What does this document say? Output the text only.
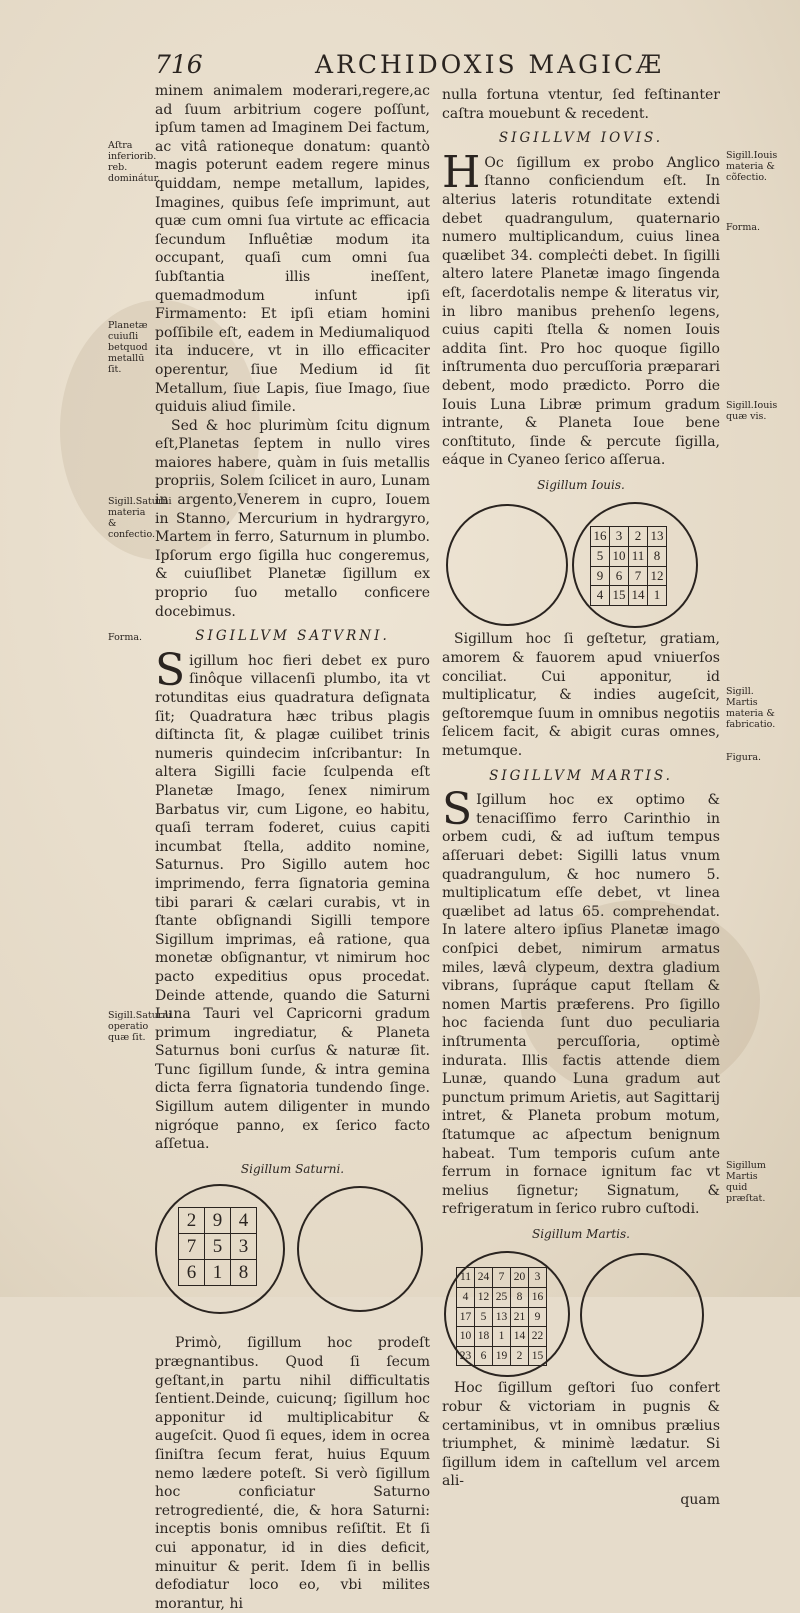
716	ARCHIDOXIS MAGICÆ
Aſtra inferiorib. reb. dominátur.
Planetæ cuiuſli betquod metallū ſit.
Sigill.Saturni materia & confectio.
Forma.
Sigill.Saturni operatio quæ ſit.
Sigill.Iouis materia & cõfectio.
Forma.
Sigill.Iouis quæ vis.
Sigill. Martis materia & fabricatio.
Figura.
Sigillum Martis quid præſtat.

minem animalem moderari,regere,ac ad ſuum arbitrium cogere poſſunt, ipſum tamen ad Imaginem Dei factum, ac vitâ rationeque donatum: quantò magis poterunt eadem regere minus quiddam, nempe metallum, lapides, Imagines, quibus ſeſe imprimunt, aut quæ cum omni ſua virtute ac efficacia ſecundum Influêtiæ modum ita occupant, quaſi cum omni ſua ſubſtantia illis ineſſent, quemadmodum inſunt ipſi Firmamento: Et ipſi etiam homini poſſibile eſt, eadem in Mediumaliquod ita inducere, vt in illo efficaciter operentur, ſiue Medium id ſit Metallum, ſiue Lapis, ſiue Imago, ſiue quiduis aliud ſimile.

Sed & hoc plurimùm ſcitu dignum eſt,Planetas ſeptem in nullo vires maiores habere, quàm in ſuis metallis propriis, Solem ſcilicet in auro, Lunam in argento,Venerem in cupro, Iouem in Stanno, Mercurium in hydrargyro, Martem in ferro, Saturnum in plumbo. Ipſorum ergo ſigilla huc congeremus, & cuiuſlibet Planetæ ſigillum ex proprio ſuo metallo conficere docebimus.

SIGILLVM SATVRNI.

Sigillum hoc fieri debet ex puro ſinôque villacenſi plumbo, ita vt rotunditas eius quadratura deſignata ſit; Quadratura hæc tribus plagis diſtincta ſit, & plagæ cuilibet trinis numeris quindecim inſcribantur: In altera Sigilli facie ſculpenda eſt Planetæ Imago, ſenex nimirum Barbatus vir, cum Ligone, eo habitu, quaſi terram foderet, cuius capiti incumbat ſtella, addito nomine, Saturnus. Pro Sigillo autem hoc imprimendo, ferra ſignatoria gemina tibi parari & cælari curabis, vt in ſtante obſignandi Sigilli tempore Sigillum imprimas, eâ ratione, qua monetæ obſignantur, vt nimirum hoc pacto expeditius opus procedat. Deinde attende, quando die Saturni Luna Tauri vel Capricorni gradum primum ingrediatur, & Planeta Saturnus boni curſus & naturæ ſit. Tunc ſigillum ſunde, & intra gemina dicta ferra ſignatoria tundendo ſinge. Sigillum autem diligenter in mundo nigróque panno, ex ſerico facto aſſetua.

Sigillum Saturni.
2	9	4
7	5	3
6	1	8

Primò, ſigillum hoc prodeſt prægnantibus. Quod ſi ſecum geſtant,in partu nihil difficultatis ſentient.Deinde, cuicunq; ſigillum hoc apponitur id multiplicabitur & augeſcit. Quod ſi eques, idem in ocrea ſiniſtra ſecum ferat, huius Equum nemo lædere poteſt. Si verò ſigillum hoc conficiatur Saturno retrogredienté, die, & hora Saturni: inceptis bonis omnibus reſiſtit. Et ſi cui apponatur, id in dies deficit, minuitur & perit. Idem ſi in bellis defodiatur loco eo, vbi milites morantur, hi

nulla fortuna vtentur, ſed feſtinanter caſtra mouebunt & recedent.

SIGILLVM IOVIS.

H Oc ſigillum ex probo Anglico ſtanno conficiendum eſt. In alterius lateris rotunditate extendi debet quadrangulum, quaternario numero multiplicandum, cuius linea quælibet 34. compleċti debet. In ſigilli altero latere Planetæ imago ſingenda eſt, ſacerdotalis nempe & literatus vir, in libro manibus prehenſo legens, cuius capiti ſtella & nomen Iouis addita ſint. Pro hoc quoque ſigillo inſtrumenta duo percuſſoria præparari debent, modo prædicto. Porro die Iouis Luna Libræ primum gradum intrante, & Planeta Ioue bene conſtituto, ſinde & percute ſigilla, eáque in Cyaneo ſerico aſſerua.

Sigillum Iouis.
16	3	2	13
5	10	11	8
9	6	7	12
4	15	14	1

Sigillum hoc ſi geſtetur, gratiam, amorem & fauorem apud vniuerſos conciliat. Cui apponitur, id multiplicatur, & indies augeſcit, geſtoremque ſuum in omnibus negotiis ſelicem facit, & abigit curas omnes, metumque.

SIGILLVM MARTIS.

S Igillum hoc ex optimo & tenaciſſimo ferro Carinthio in orbem cudi, & ad iuſtum tempus aſſeruari debet: Sigilli latus vnum quadrangulum, & hoc numero 5. multiplicatum eſſe debet, vt linea quælibet ad latus 65. comprehendat. In latere altero ipſius Planetæ imago conſpici debet, nimirum armatus miles, lævâ clypeum, dextra gladium vibrans, ſupráque caput ſtellam & nomen Martis præferens. Pro ſigillo hoc facienda ſunt duo peculiaria inſtrumenta percuſſoria, optimè indurata. Illis factis attende diem Lunæ, quando Luna gradum aut punctum primum Arietis, aut Sagittarij intret, & Planeta probum motum, ſtatumque ac aſpectum benignum habeat. Tum temporis cuſum ante ferrum in fornace ignitum fac vt melius ſignetur; Signatum, & refrigeratum in ſerico rubro cuſtodi.

Sigillum Martis.
11	24	7	20	3
4	12	25	8	16
17	5	13	21	9
10	18	1	14	22
23	6	19	2	15

Hoc ſigillum geſtori ſuo confert robur & victoriam in pugnis & certaminibus, vt in omnibus prælius triumphet, & minimè lædatur. Si ſigillum idem in caſtellum vel arcem ali-

quam
